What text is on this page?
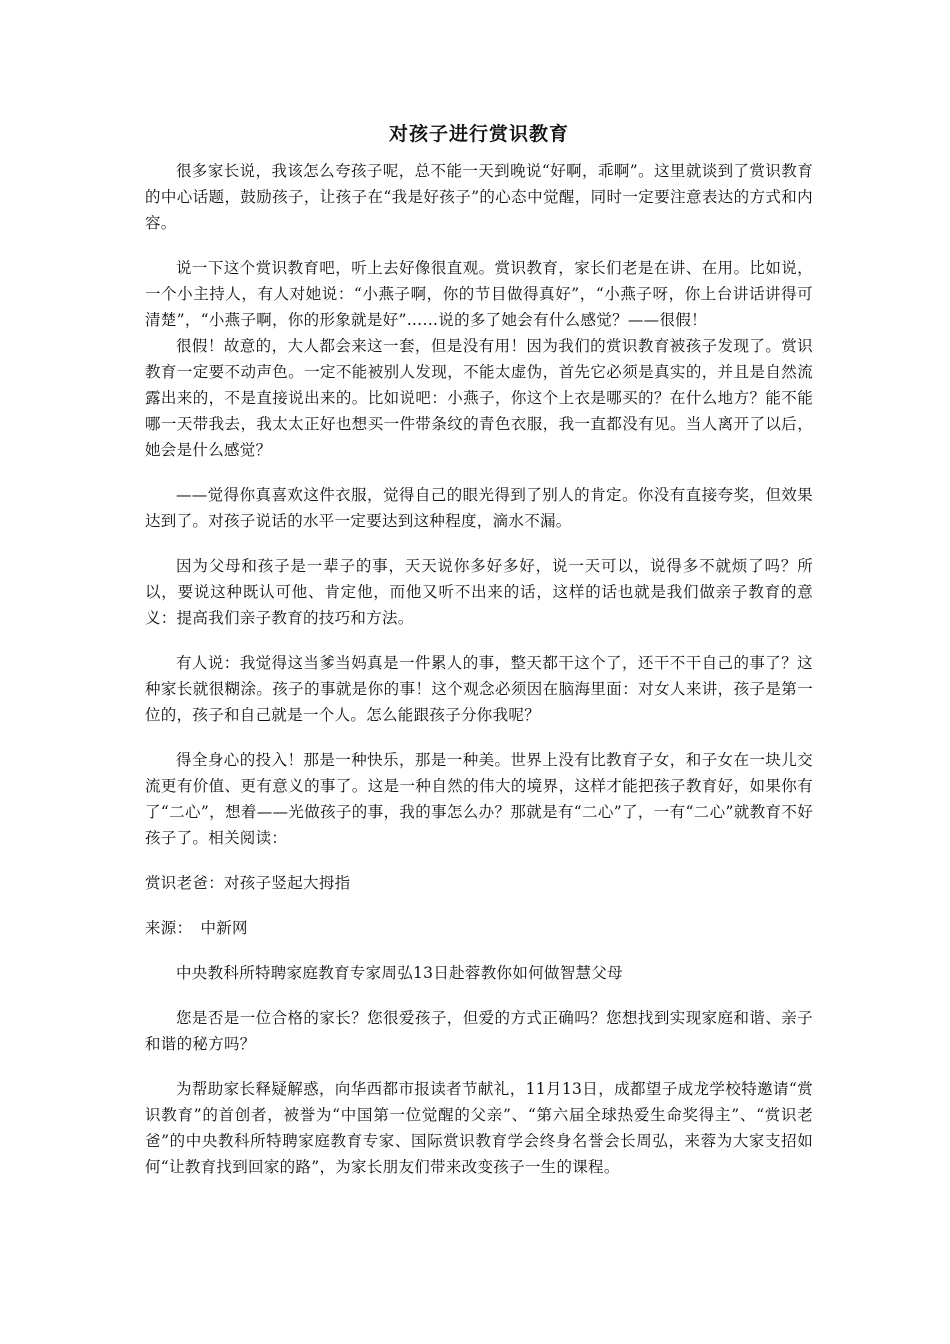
对孩子进行赏识教育

很多家长说，我该怎么夸孩子呢，总不能一天到晚说“好啊，乖啊”。这里就谈到了赏识教育的中心话题，鼓励孩子，让孩子在“我是好孩子”的心态中觉醒，同时一定要注意表达的方式和内容。

说一下这个赏识教育吧，听上去好像很直观。赏识教育，家长们老是在讲、在用。比如说，一个小主持人，有人对她说：“小燕子啊，你的节目做得真好”，“小燕子呀，你上台讲话讲得可清楚”，“小燕子啊，你的形象就是好”……说的多了她会有什么感觉？——很假！

很假！故意的，大人都会来这一套，但是没有用！因为我们的赏识教育被孩子发现了。赏识教育一定要不动声色。一定不能被别人发现，不能太虚伪，首先它必须是真实的，并且是自然流露出来的，不是直接说出来的。比如说吧：小燕子，你这个上衣是哪买的？在什么地方？能不能哪一天带我去，我太太正好也想买一件带条纹的青色衣服，我一直都没有见。当人离开了以后，她会是什么感觉？

——觉得你真喜欢这件衣服，觉得自己的眼光得到了别人的肯定。你没有直接夸奖，但效果达到了。对孩子说话的水平一定要达到这种程度，滴水不漏。

因为父母和孩子是一辈子的事，天天说你多好多好，说一天可以，说得多不就烦了吗？所以，要说这种既认可他、肯定他，而他又听不出来的话，这样的话也就是我们做亲子教育的意义：提高我们亲子教育的技巧和方法。

有人说：我觉得这当爹当妈真是一件累人的事，整天都干这个了，还干不干自己的事了？这种家长就很糊涂。孩子的事就是你的事！这个观念必须因在脑海里面：对女人来讲，孩子是第一位的，孩子和自己就是一个人。怎么能跟孩子分你我呢？

得全身心的投入！那是一种快乐，那是一种美。世界上没有比教育子女，和子女在一块儿交流更有价值、更有意义的事了。这是一种自然的伟大的境界，这样才能把孩子教育好，如果你有了“二心”，想着——光做孩子的事，我的事怎么办？那就是有“二心”了，一有“二心”就教育不好孩子了。相关阅读：

赏识老爸：对孩子竖起大拇指

来源：　中新网

中央教科所特聘家庭教育专家周弘13日赴蓉教你如何做智慧父母

您是否是一位合格的家长？您很爱孩子，但爱的方式正确吗？您想找到实现家庭和谐、亲子和谐的秘方吗？

为帮助家长释疑解惑，向华西都市报读者节献礼，11月13日，成都望子成龙学校特邀请“赏识教育”的首创者，被誉为“中国第一位觉醒的父亲”、“第六届全球热爱生命奖得主”、“赏识老爸”的中央教科所特聘家庭教育专家、国际赏识教育学会终身名誉会长周弘，来蓉为大家支招如何“让教育找到回家的路”，为家长朋友们带来改变孩子一生的课程。
